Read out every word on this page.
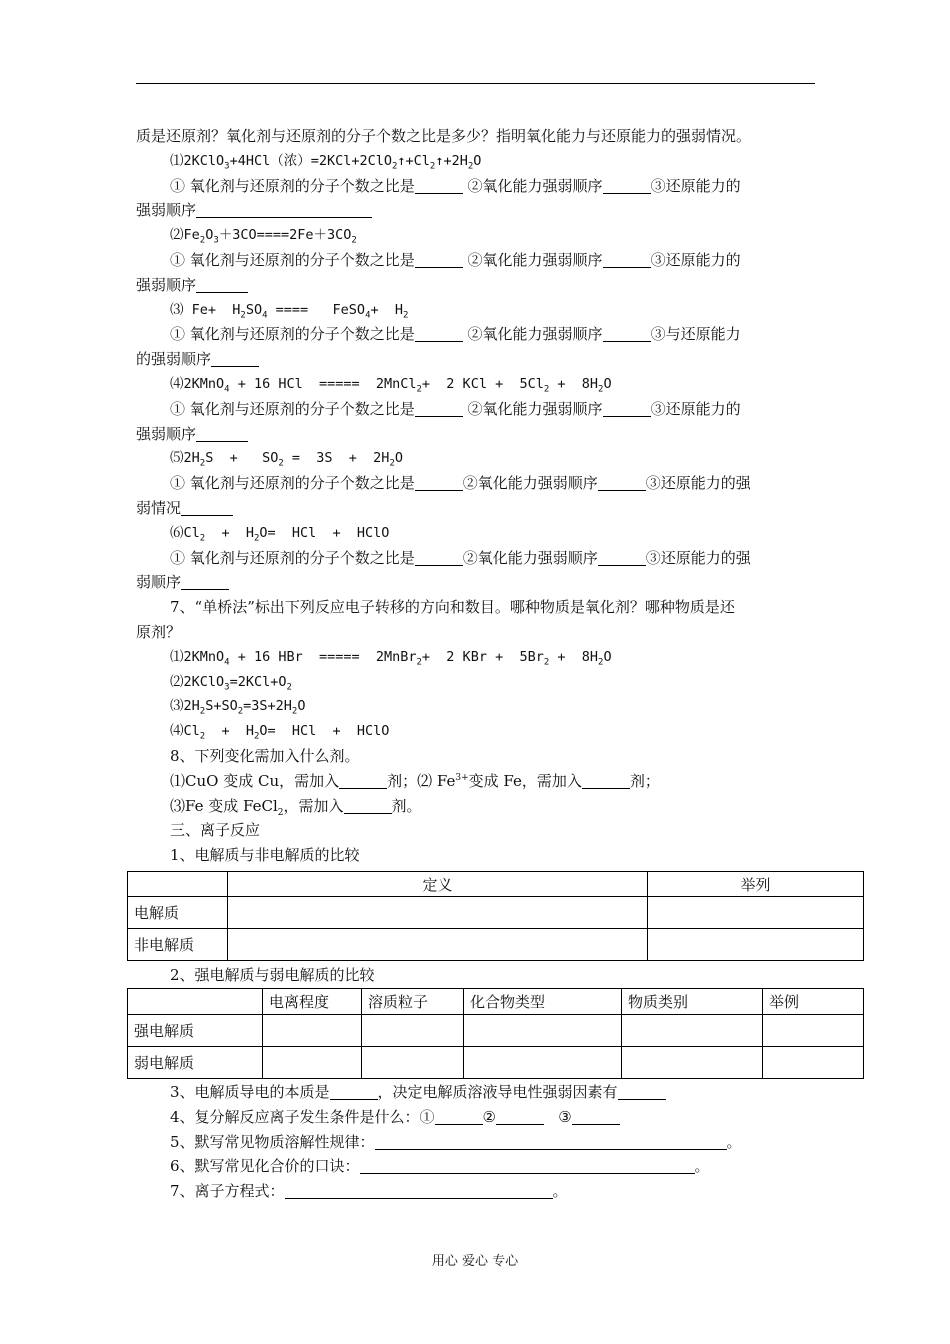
质是还原剂？氧化剂与还原剂的分子个数之比是多少？指明氧化能力与还原能力的强弱情况。
⑴2KClO$_3$+4HCl（浓）$=2KCl+2ClO_2↑+Cl_2↑+2H_2O$
① 氧化剂与还原剂的分子个数之比是	②氧化能力强弱顺序	③还原能力的
强弱顺序
$⑵Fe_2O_3+3CO====2Fe+3CO_2$
① 氧化剂与还原剂的分子个数之比是	②氧化能力强弱顺序	③还原能力的
强弱顺序
⑶ $Fe+ H_2SO_4$ ====   FeSO$_4$+  $H_2$
① 氧化剂与还原剂的分子个数之比是	②氧化能力强弱顺序	③与还原能力
的强弱顺序
⑷2KMnO$_4$ + 16 HCl  =====  2MnCl$_2$+  2 KCl +  $5Cl_2 + 8H_2O$
① 氧化剂与还原剂的分子个数之比是	②氧化能力强弱顺序	③还原能力的
强弱顺序
$⑸2H_2S + SO_2 = 3S + 2H_2O$
① 氧化剂与还原剂的分子个数之比是	②氧化能力强弱顺序	③还原能力的强
弱情况
$⑹Cl_2 + H_2O=$  HCl  +  HClO
① 氧化剂与还原剂的分子个数之比是	②氧化能力强弱顺序	③还原能力的强
弱顺序
7、“单桥法”标出下列反应电子转移的方向和数目。哪种物质是氧化剂？哪种物质是还
原剂？
⑴2KMnO$_4$ + 16 HBr  =====  2MnBr$_2$+  2 KBr +  $5Br_2 + 8H_2O$
$⑵2KClO_3=2KCl+O_2$
$⑶2H_2S+SO_2=3S+2H_2O$
$⑷Cl_2 + H_2O=$  HCl  +  HClO
8、下列变化需加入什么剂。
⑴CuO 变成 Cu，需加入	剂；⑵ $Fe^{3+}$变成 Fe，需加入	剂；
⑶Fe 变成 FeCl$_2$，需加入	剂。
三、离子反应
1、电解质与非电解质的比较
	定义	举列
电解质		
非电解质		
2、强电解质与弱电解质的比较
	电离程度	溶质粒子	化合物类型	物质类别	举例
强电解质					
弱电解质					
3、电解质导电的本质是	，决定电解质溶液导电性强弱因素有
4、复分解反应离子发生条件是什么：①	②	③
5、默写常见物质溶解性规律：	。
6、默写常见化合价的口诀：	。
7、离子方程式：	。
用心 爱心 专心
